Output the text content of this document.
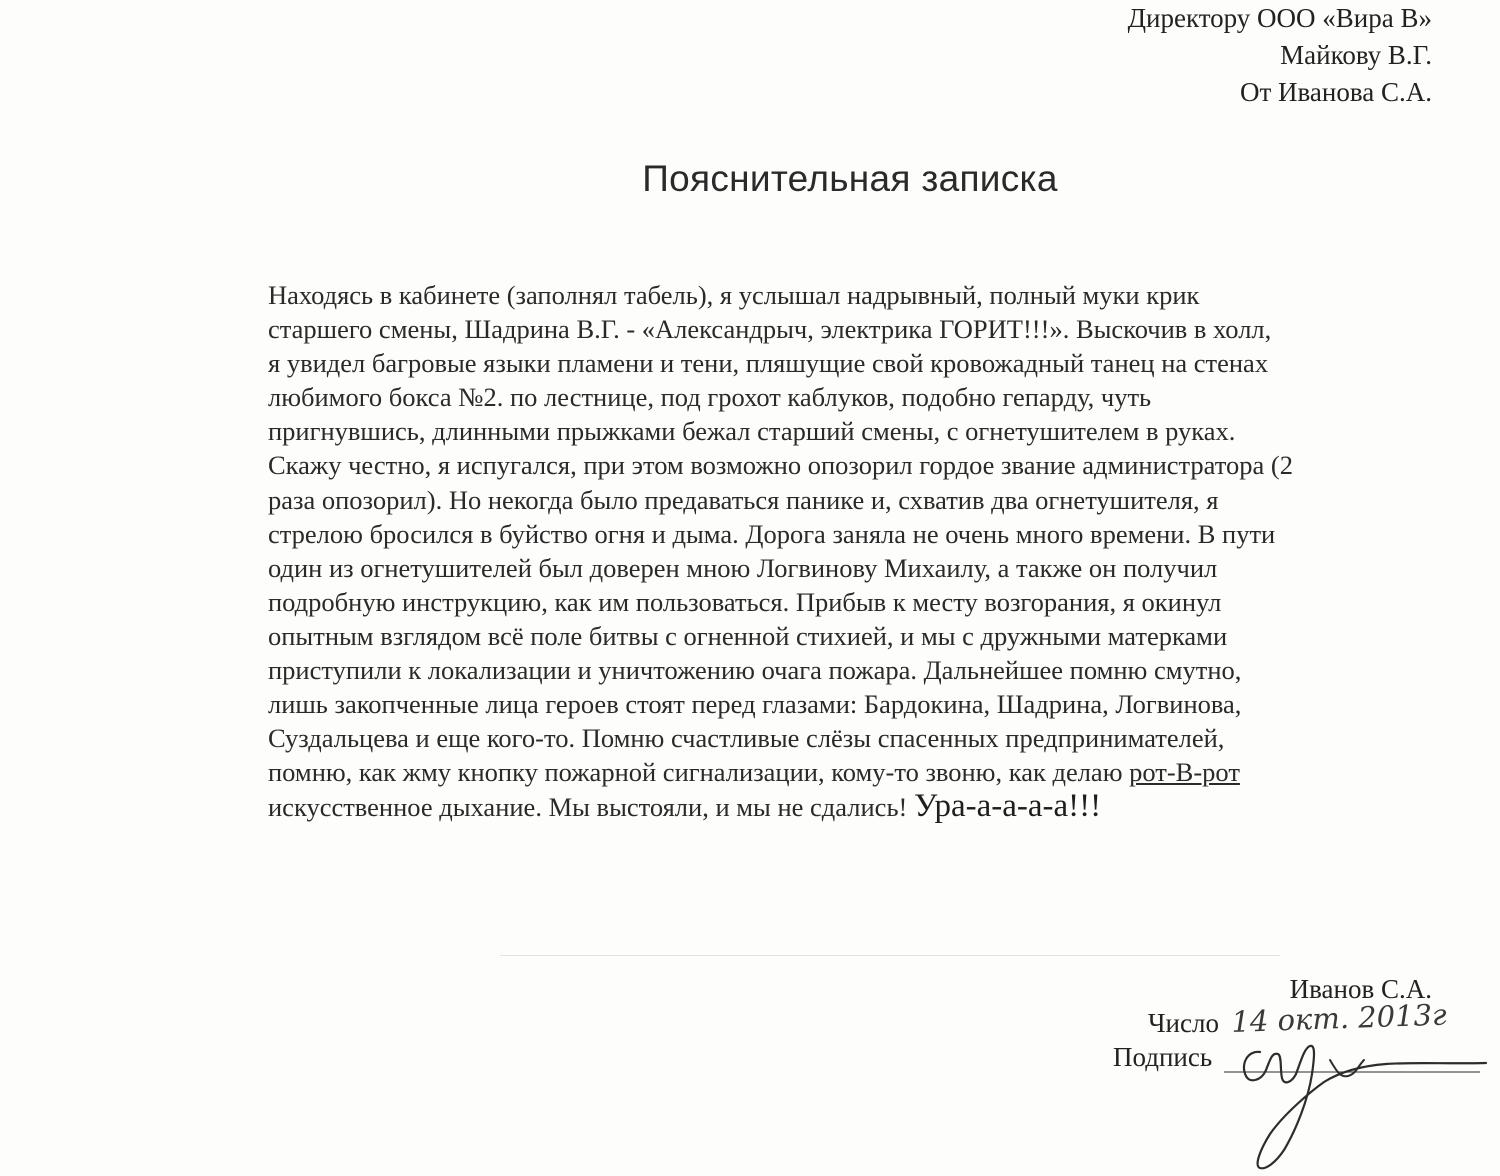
Директору ООО «Вира В»
Майкову В.Г.
От Иванова С.А.
Пояснительная записка
Находясь в кабинете (заполнял табель), я услышал надрывный, полный муки крик
старшего смены, Шадрина В.Г. - «Александрыч, электрика ГОРИТ!!!». Выскочив в холл,
я увидел багровые языки пламени и тени, пляшущие свой кровожадный танец на стенах
любимого бокса №2. по лестнице, под грохот каблуков, подобно гепарду, чуть
пригнувшись, длинными прыжками бежал старший смены, с огнетушителем в руках.
Скажу честно, я испугался, при этом возможно опозорил гордое звание администратора (2
раза опозорил). Но некогда было предаваться панике и, схватив два огнетушителя, я
стрелою бросился в буйство огня и дыма. Дорога заняла не очень много времени. В пути
один из огнетушителей был доверен мною Логвинову Михаилу, а также он получил
подробную инструкцию, как им пользоваться. Прибыв к месту возгорания, я окинул
опытным взглядом всё поле битвы с огненной стихией, и мы с дружными матерками
приступили к локализации и уничтожению очага пожара. Дальнейшее помню смутно,
лишь закопченные лица героев стоят перед глазами: Бардокина, Шадрина, Логвинова,
Суздальцева и еще кого-то. Помню счастливые слёзы спасенных предпринимателей,
помню, как жму кнопку пожарной сигнализации, кому-то звоню, как делаю рот-В-рот
искусственное дыхание. Мы выстояли, и мы не сдались! Ура-а-а-а-а!!!
Иванов С.А.
Число 14 окт. 2013г
Подпись
